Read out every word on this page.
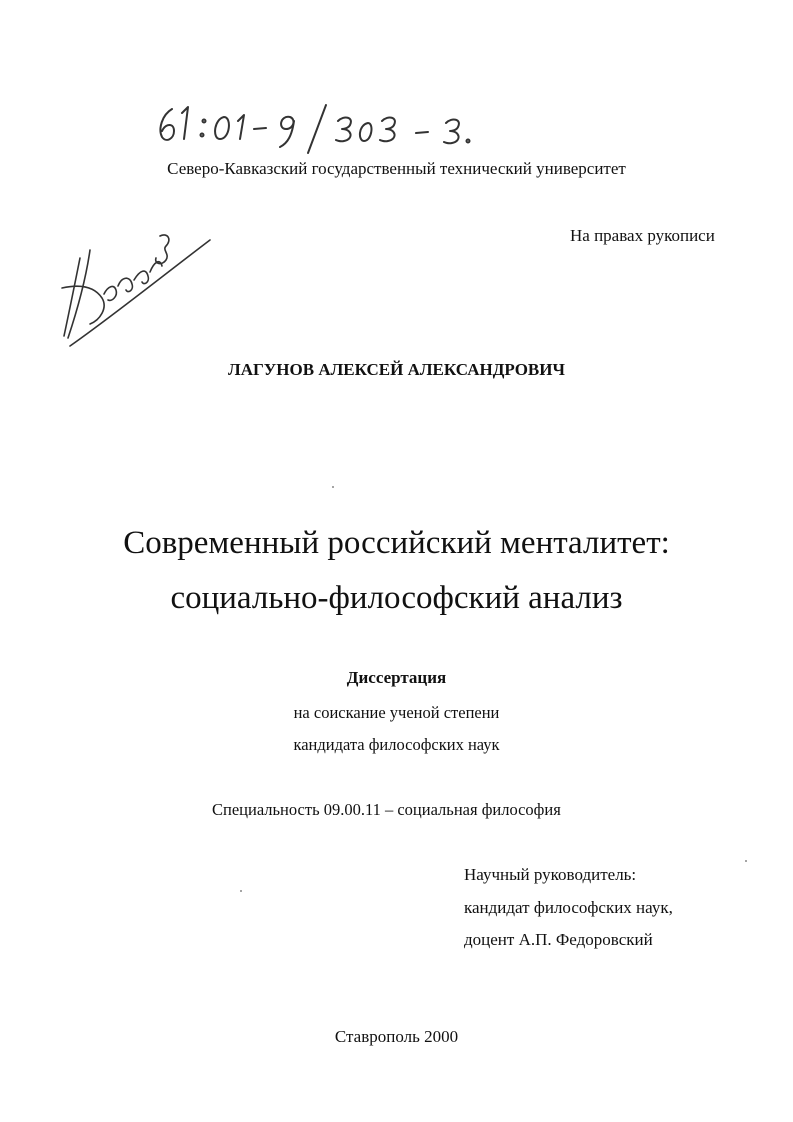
Северо-Кавказский государственный технический университет
На правах рукописи
ЛАГУНОВ АЛЕКСЕЙ АЛЕКСАНДРОВИЧ
Современный российский менталитет:
социально-философский анализ
Диссертация
на соискание ученой степени
кандидата философских наук
Специальность 09.00.11 – социальная философия
Научный руководитель:
кандидат философских наук,
доцент А.П. Федоровский
Ставрополь 2000
